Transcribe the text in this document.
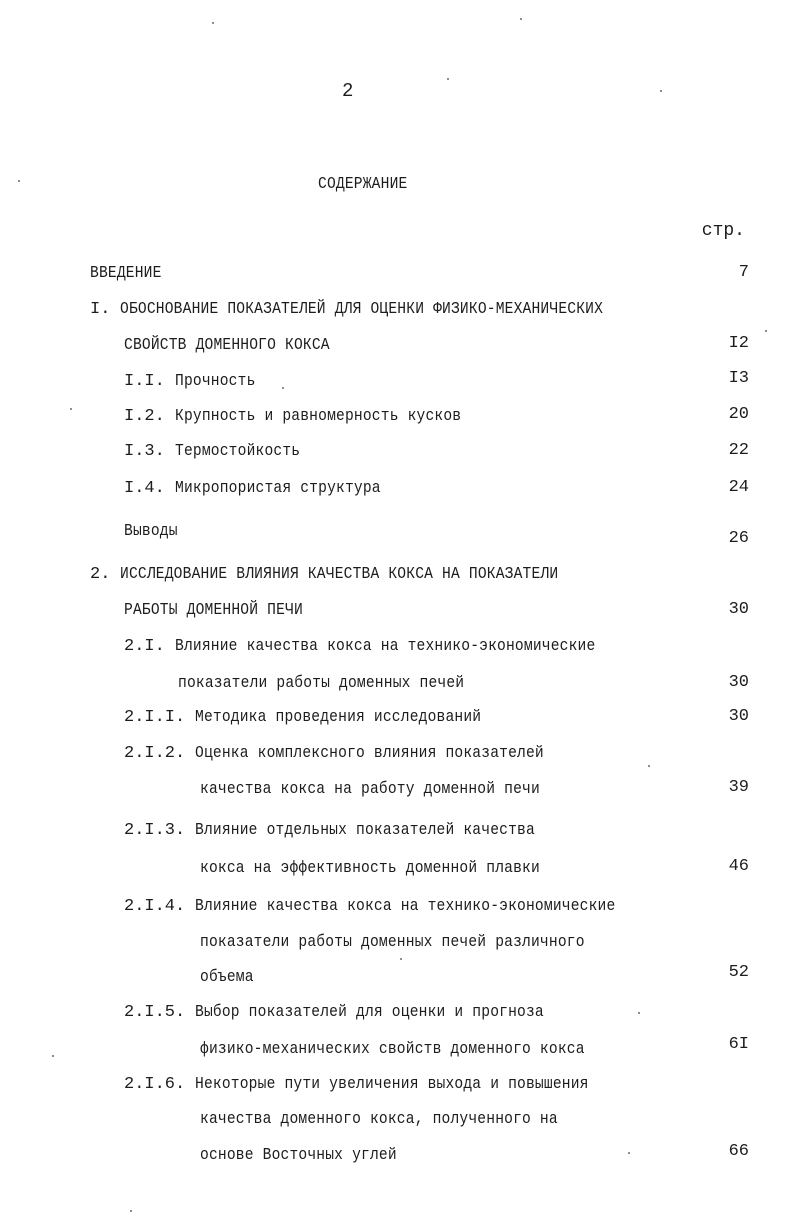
2
СОДЕРЖАНИЕ
стр.
ВВЕДЕНИЕ	7
I. ОБОСНОВАНИЕ ПОКАЗАТЕЛЕЙ ДЛЯ ОЦЕНКИ ФИЗИКО-МЕХАНИЧЕСКИХ
СВОЙСТВ ДОМЕННОГО КОКСА	I2
I.I. Прочность	I3
I.2. Крупность и равномерность кусков	20
I.3. Термостойкость	22
I.4. Микропористая структура	24
Выводы	26
2. ИССЛЕДОВАНИЕ ВЛИЯНИЯ КАЧЕСТВА КОКСА НА ПОКАЗАТЕЛИ
РАБОТЫ ДОМЕННОЙ ПЕЧИ	30
2.I. Влияние качества кокса на технико-экономические
показатели работы доменных печей	30
2.I.I. Методика проведения исследований	30
2.I.2. Оценка комплексного влияния показателей
качества кокса на работу доменной печи	39
2.I.3. Влияние отдельных показателей качества
кокса на эффективность доменной плавки	46
2.I.4. Влияние качества кокса на технико-экономические
показатели работы доменных печей различного
объема	52
2.I.5. Выбор показателей для оценки и прогноза
физико-механических свойств доменного кокса	6I
2.I.6. Некоторые пути увеличения выхода и повышения
качества доменного кокса, полученного на
основе Восточных углей	66
